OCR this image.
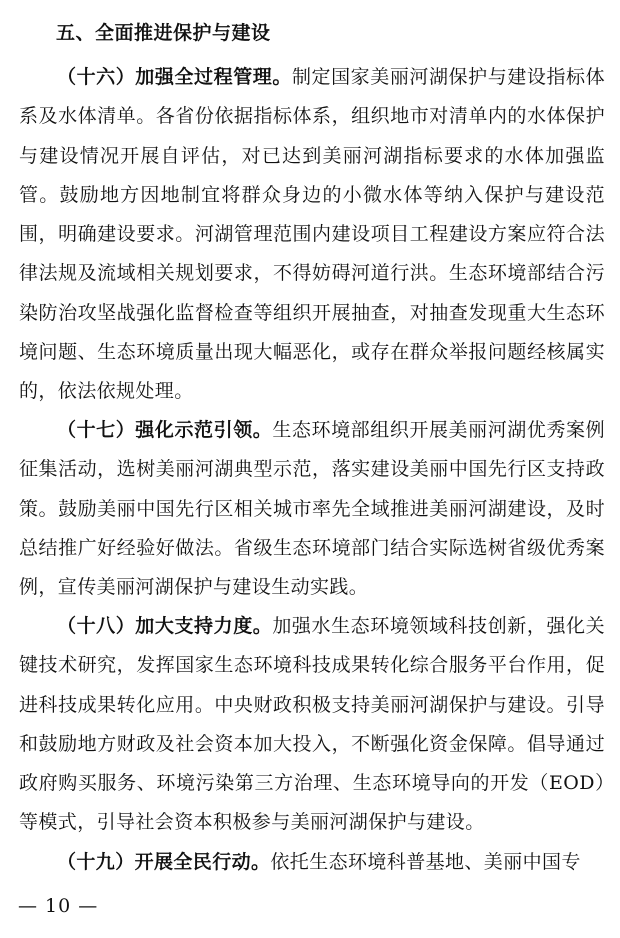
五、全面推进保护与建设

（十六）加强全过程管理。制定国家美丽河湖保护与建设指标体系及水体清单。各省份依据指标体系，组织地市对清单内的水体保护与建设情况开展自评估，对已达到美丽河湖指标要求的水体加强监管。鼓励地方因地制宜将群众身边的小微水体等纳入保护与建设范围，明确建设要求。河湖管理范围内建设项目工程建设方案应符合法律法规及流域相关规划要求，不得妨碍河道行洪。生态环境部结合污染防治攻坚战强化监督检查等组织开展抽查，对抽查发现重大生态环境问题、生态环境质量出现大幅恶化，或存在群众举报问题经核属实的，依法依规处理。

（十七）强化示范引领。生态环境部组织开展美丽河湖优秀案例征集活动，选树美丽河湖典型示范，落实建设美丽中国先行区支持政策。鼓励美丽中国先行区相关城市率先全域推进美丽河湖建设，及时总结推广好经验好做法。省级生态环境部门结合实际选树省级优秀案例，宣传美丽河湖保护与建设生动实践。

（十八）加大支持力度。加强水生态环境领域科技创新，强化关键技术研究，发挥国家生态环境科技成果转化综合服务平台作用，促进科技成果转化应用。中央财政积极支持美丽河湖保护与建设。引导和鼓励地方财政及社会资本加大投入，不断强化资金保障。倡导通过政府购买服务、环境污染第三方治理、生态环境导向的开发（EOD）等模式，引导社会资本积极参与美丽河湖保护与建设。

（十九）开展全民行动。依托生态环境科普基地、美丽中国专

— 10 —
